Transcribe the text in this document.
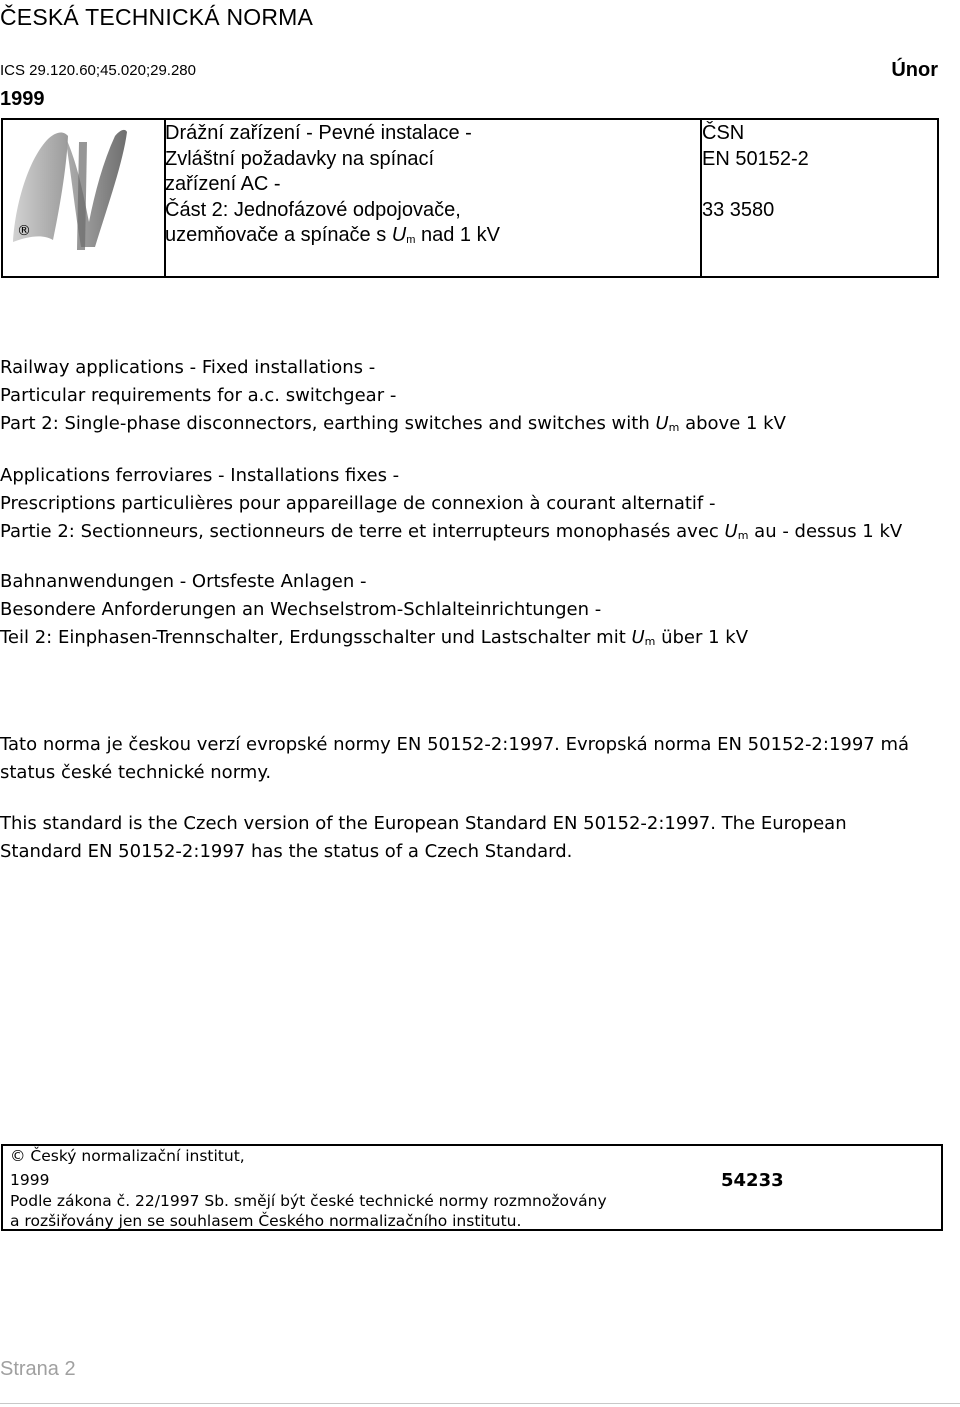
ČESKÁ TECHNICKÁ NORMA
ICS 29.120.60;45.020;29.280	Únor
1999
®
Drážní zařízení - Pevné instalace -
Zvláštní požadavky na spínací
zařízení AC -
Část 2: Jednofázové odpojovače,
uzemňovače a spínače s $U_m$ nad 1 kV
ČSN
EN 50152-2
33 3580
Railway applications - Fixed installations -
Particular requirements for a.c. switchgear -
Part 2: Single-phase disconnectors, earthing switches and switches with $U_m$ above 1 kV
Applications ferroviares - Installations fixes -
Prescriptions particulières pour appareillage de connexion à courant alternatif -
Partie 2: Sectionneurs, sectionneurs de terre et interrupteurs monophasés avec $U_m$ au - dessus 1 kV
Bahnanwendungen - Ortsfeste Anlagen -
Besondere Anforderungen an Wechselstrom-Schlalteinrichtungen -
Teil 2: Einphasen-Trennschalter, Erdungsschalter und Lastschalter mit $U_m$ über 1 kV
Tato norma je českou verzí evropské normy EN 50152-2:1997. Evropská norma EN 50152-2:1997 má
status české technické normy.
This standard is the Czech version of the European Standard EN 50152-2:1997. The European
Standard EN 50152-2:1997 has the status of a Czech Standard.
© Český normalizační institut,
1999	54233
Podle zákona č. 22/1997 Sb. smějí být české technické normy rozmnožovány
a rozšiřovány jen se souhlasem Českého normalizačního institutu.
Strana 2
